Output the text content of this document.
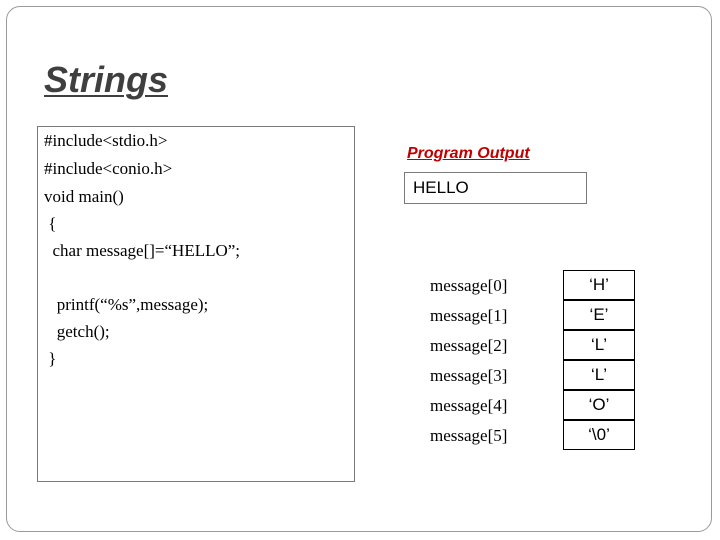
Strings
#include<stdio.h>
#include<conio.h>
void main()
{
char message[]=“HELLO”;
printf(“%s”,message);
getch();
}
Program Output
HELLO
message[0]	‘H’
message[1]	‘E’
message[2]	‘L’
message[3]	‘L’
message[4]	‘O’
message[5]	‘\0’
